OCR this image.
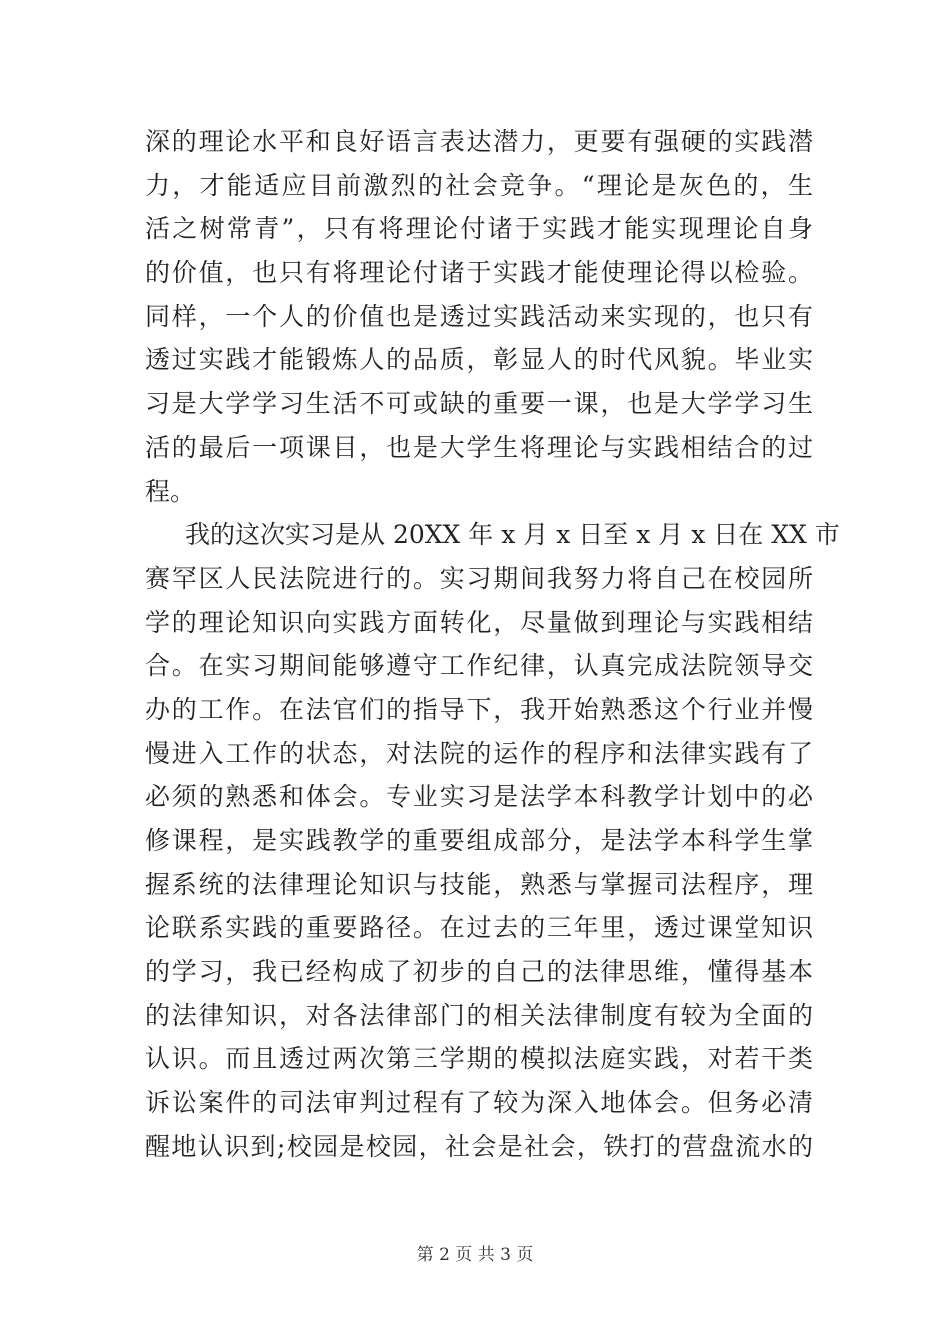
深的理论水平和良好语言表达潜力，更要有强硬的实践潜
力，才能适应目前激烈的社会竞争。“理论是灰色的，生
活之树常青”，只有将理论付诸于实践才能实现理论自身
的价值，也只有将理论付诸于实践才能使理论得以检验。
同样，一个人的价值也是透过实践活动来实现的，也只有
透过实践才能锻炼人的品质，彰显人的时代风貌。毕业实
习是大学学习生活不可或缺的重要一课，也是大学学习生
活的最后一项课目，也是大学生将理论与实践相结合的过
程。
我的这次实习是从 20XX 年 x 月 x 日至 x 月 x 日在 XX 市
赛罕区人民法院进行的。实习期间我努力将自己在校园所
学的理论知识向实践方面转化，尽量做到理论与实践相结
合。在实习期间能够遵守工作纪律，认真完成法院领导交
办的工作。在法官们的指导下，我开始熟悉这个行业并慢
慢进入工作的状态，对法院的运作的程序和法律实践有了
必须的熟悉和体会。专业实习是法学本科教学计划中的必
修课程，是实践教学的重要组成部分，是法学本科学生掌
握系统的法律理论知识与技能，熟悉与掌握司法程序，理
论联系实践的重要路径。在过去的三年里，透过课堂知识
的学习，我已经构成了初步的自己的法律思维，懂得基本
的法律知识，对各法律部门的相关法律制度有较为全面的
认识。而且透过两次第三学期的模拟法庭实践，对若干类
诉讼案件的司法审判过程有了较为深入地体会。但务必清
醒地认识到;校园是校园，社会是社会，铁打的营盘流水的
第 2 页 共 3 页
